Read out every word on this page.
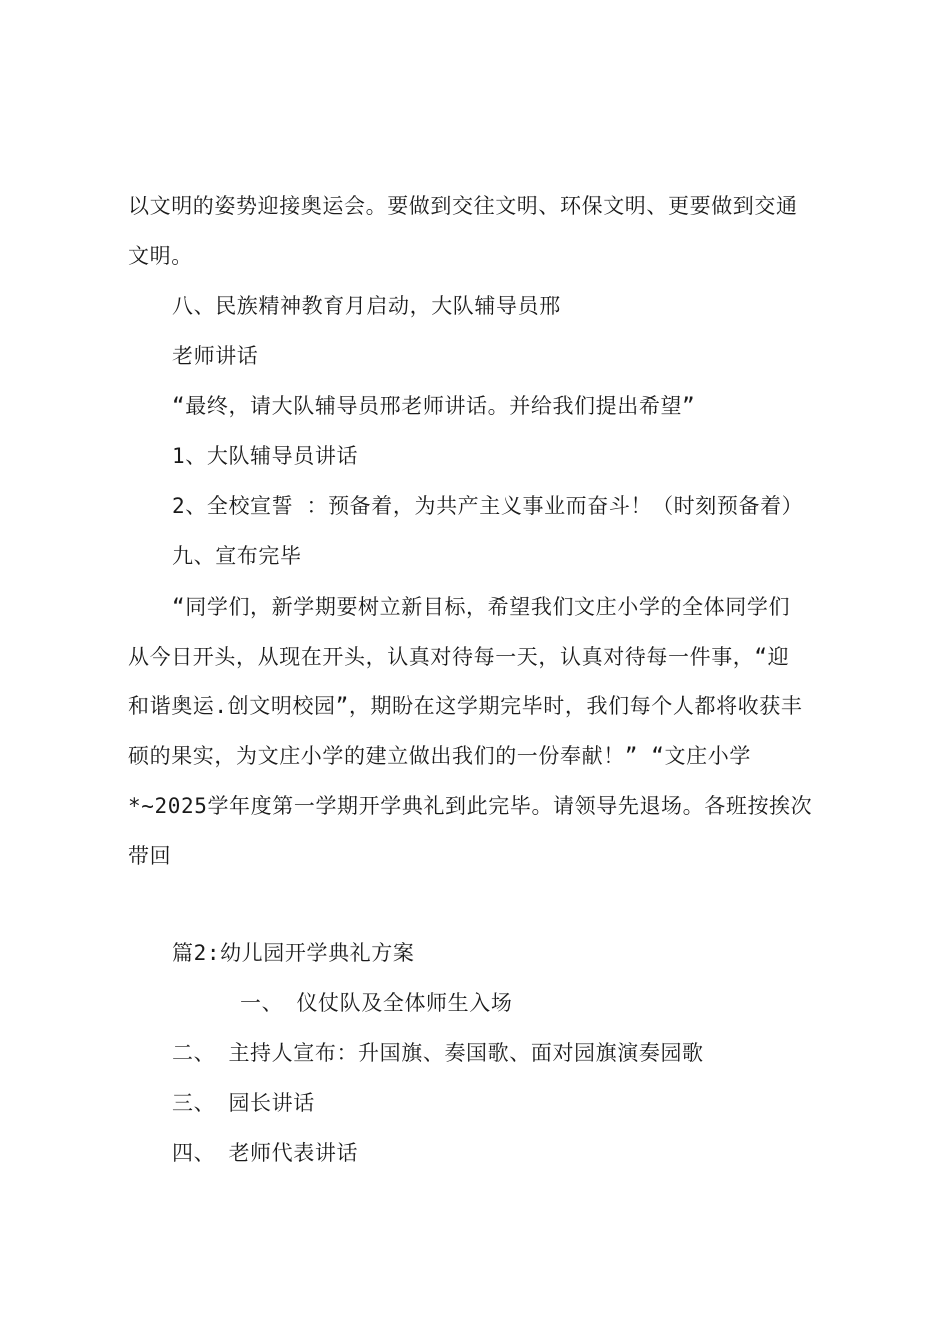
以文明的姿势迎接奥运会。要做到交往文明、环保文明、更要做到交通
文明。
八、民族精神教育月启动，大队辅导员邢
老师讲话
“最终，请大队辅导员邢老师讲话。并给我们提出希望”
1、大队辅导员讲话
2、全校宣誓 ：预备着，为共产主义事业而奋斗！（时刻预备着）
九、宣布完毕
“同学们，新学期要树立新目标，希望我们文庄小学的全体同学们
从今日开头，从现在开头，认真对待每一天，认真对待每一件事，“迎
和谐奥运.创文明校园”，期盼在这学期完毕时，我们每个人都将收获丰
硕的果实，为文庄小学的建立做出我们的一份奉献！” “文庄小学
*~2025学年度第一学期开学典礼到此完毕。请领导先退场。各班按挨次
带回
篇2:幼儿园开学典礼方案
一、 仪仗队及全体师生入场
二、 主持人宣布：升国旗、奏国歌、面对园旗演奏园歌
三、 园长讲话
四、 老师代表讲话
